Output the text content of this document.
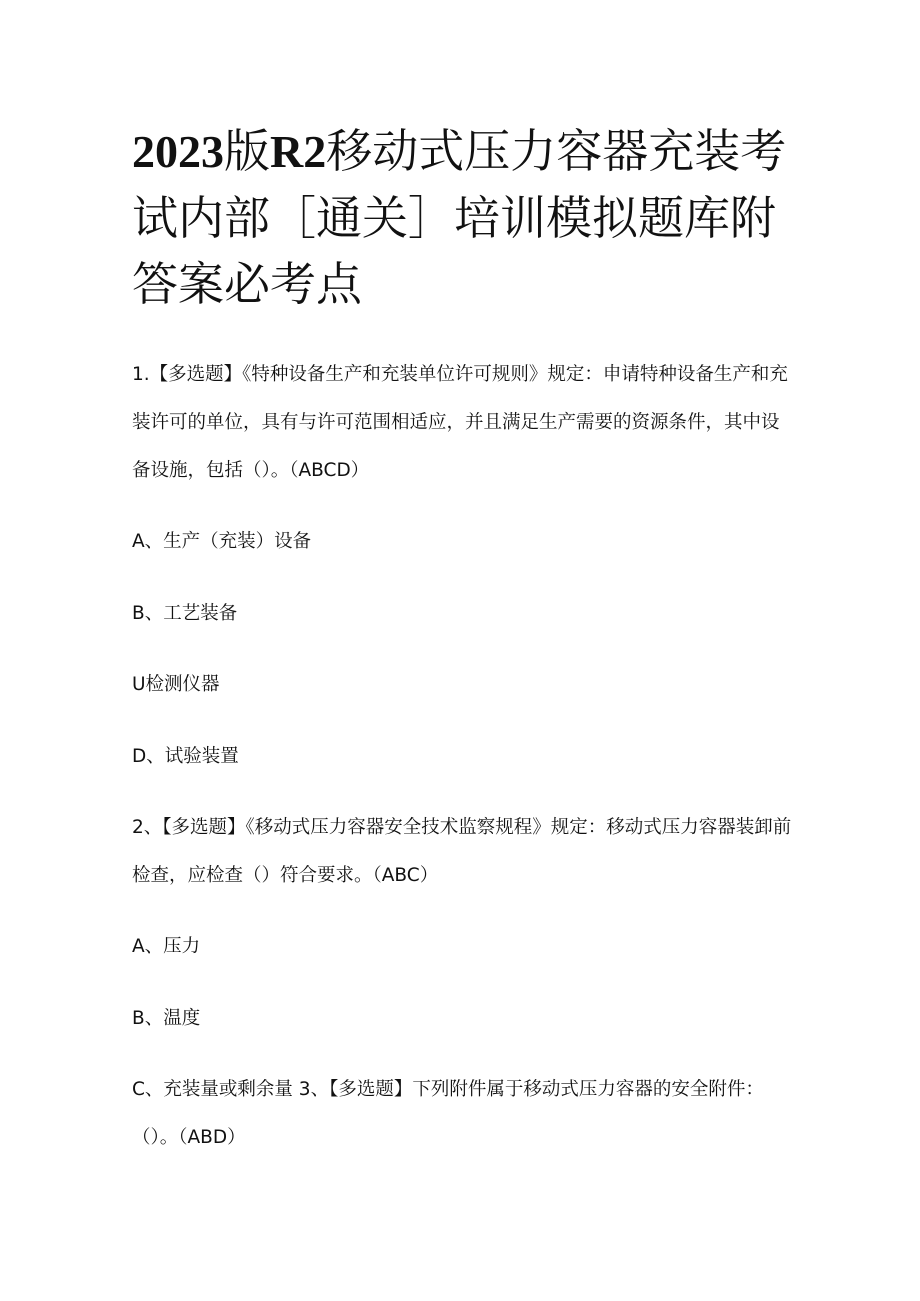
2023版R2移动式压力容器充装考试内部［通关］培训模拟题库附答案必考点

1.【多选题】《特种设备生产和充装单位许可规则》规定：申请特种设备生产和充装许可的单位，具有与许可范围相适应，并且满足生产需要的资源条件，其中设备设施，包括（）。（ABCD）

A、生产（充装）设备

B、工艺装备

U检测仪器

D、试验装置

2、【多选题】《移动式压力容器安全技术监察规程》规定：移动式压力容器装卸前检查，应检查（）符合要求。（ABC）

A、压力

B、温度

C、充装量或剩余量 3、【多选题】下列附件属于移动式压力容器的安全附件：（）。（ABD）
